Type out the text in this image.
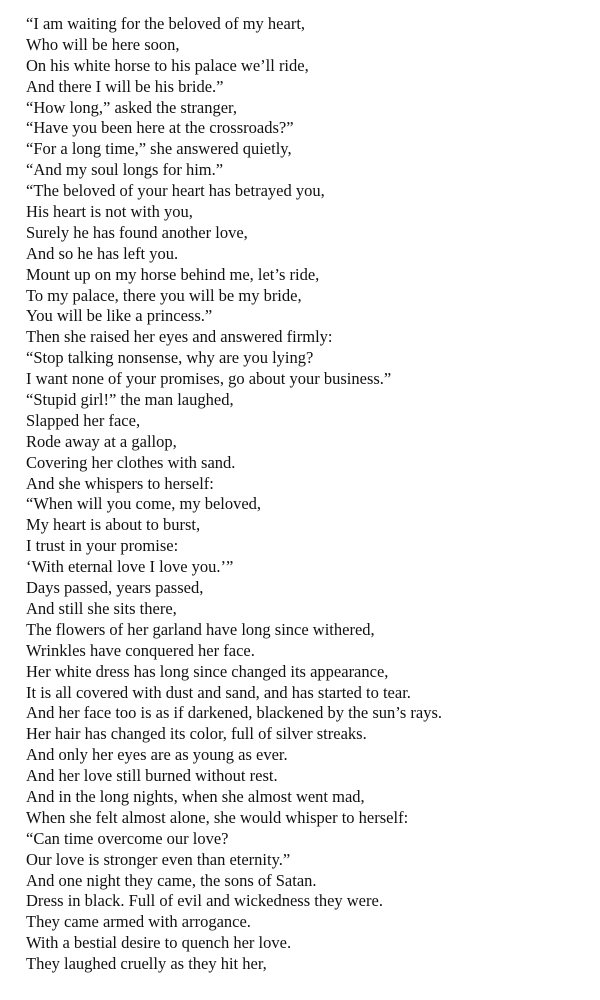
“I am waiting for the beloved of my heart,
Who will be here soon,
On his white horse to his palace we’ll ride,
And there I will be his bride.”
“How long,” asked the stranger,
“Have you been here at the crossroads?”
“For a long time,” she answered quietly,
“And my soul longs for him.”
“The beloved of your heart has betrayed you,
His heart is not with you,
Surely he has found another love,
And so he has left you.
Mount up on my horse behind me, let’s ride,
To my palace, there you will be my bride,
You will be like a princess.”
Then she raised her eyes and answered firmly:
“Stop talking nonsense, why are you lying?
I want none of your promises, go about your business.”
“Stupid girl!” the man laughed,
Slapped her face,
Rode away at a gallop,
Covering her clothes with sand.
And she whispers to herself:
“When will you come, my beloved,
My heart is about to burst,
I trust in your promise:
‘With eternal love I love you.’”
Days passed, years passed,
And still she sits there,
The flowers of her garland have long since withered,
Wrinkles have conquered her face.
Her white dress has long since changed its appearance,
It is all covered with dust and sand, and has started to tear.
And her face too is as if darkened, blackened by the sun’s rays.
Her hair has changed its color, full of silver streaks.
And only her eyes are as young as ever.
And her love still burned without rest.
And in the long nights, when she almost went mad,
When she felt almost alone, she would whisper to herself:
“Can time overcome our love?
Our love is stronger even than eternity.”
And one night they came, the sons of Satan.
Dress in black. Full of evil and wickedness they were.
They came armed with arrogance.
With a bestial desire to quench her love.
They laughed cruelly as they hit her,
